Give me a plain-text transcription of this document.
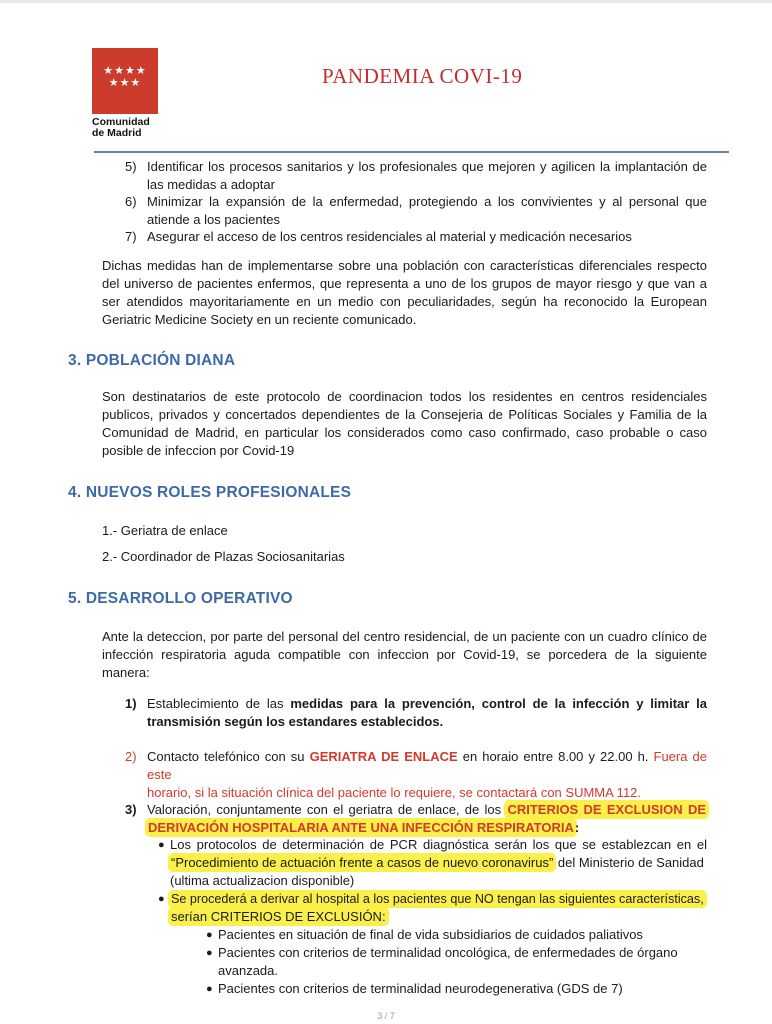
★★★★
★★★
Comunidad
de Madrid
PANDEMIA COVI-19
5) Identificar los procesos sanitarios y los profesionales que mejoren y agilicen la implantación de
las medidas a adoptar
6) Minimizar la expansión de la enfermedad, protegiendo a los convivientes y al personal que
atiende a los pacientes
7) Asegurar el acceso de los centros residenciales al material y medicación necesarios
Dichas medidas han de implementarse sobre una población con características diferenciales respecto del universo de pacientes enfermos, que representa a uno de los grupos de mayor riesgo y que van a ser atendidos mayoritariamente en un medio con peculiaridades, según ha reconocido la European Geriatric Medicine Society en un reciente comunicado.
3. POBLACIÓN DIANA
Son destinatarios de este protocolo de coordinacion todos los residentes en centros residenciales publicos, privados y concertados dependientes de la Consejeria de Políticas Sociales y Familia de la Comunidad de Madrid, en particular los considerados como caso confirmado, caso probable o caso posible de infeccion por Covid-19
4. NUEVOS ROLES PROFESIONALES
1.- Geriatra de enlace
2.- Coordinador de Plazas Sociosanitarias
5. DESARROLLO OPERATIVO
Ante la deteccion, por parte del personal del centro residencial, de un paciente con un cuadro clínico de infección respiratoria aguda compatible con infeccion por Covid-19, se porcedera de la siguiente manera:
1) Establecimiento de las medidas para la prevención, control de la infección y limitar la
transmisión según los estandares establecidos.
2) Contacto telefónico con su GERIATRA DE ENLACE en horaio entre 8.00 y 22.00 h. Fuera de este
horario, si la situación clínica del paciente lo requiere, se contactará con SUMMA 112.
3) Valoración, conjuntamente con el geriatra de enlace, de los CRITERIOS DE EXCLUSION DE
DERIVACIÓN HOSPITALARIA ANTE UNA INFECCIÓN RESPIRATORIA:
● Los protocolos de determinación de PCR diagnóstica serán los que se establezcan en el
“Procedimiento de actuación frente a casos de nuevo coronavirus” del Ministerio de Sanidad
(ultima actualizacion disponible)
● Se procederá a derivar al hospital a los pacientes que NO tengan las siguientes características,
serían CRITERIOS DE EXCLUSIÓN:
● Pacientes en situación de final de vida subsidiarios de cuidados paliativos
● Pacientes con criterios de terminalidad oncológica, de enfermedades de órgano
avanzada.
● Pacientes con criterios de terminalidad neurodegenerativa (GDS de 7)
3 / 7
